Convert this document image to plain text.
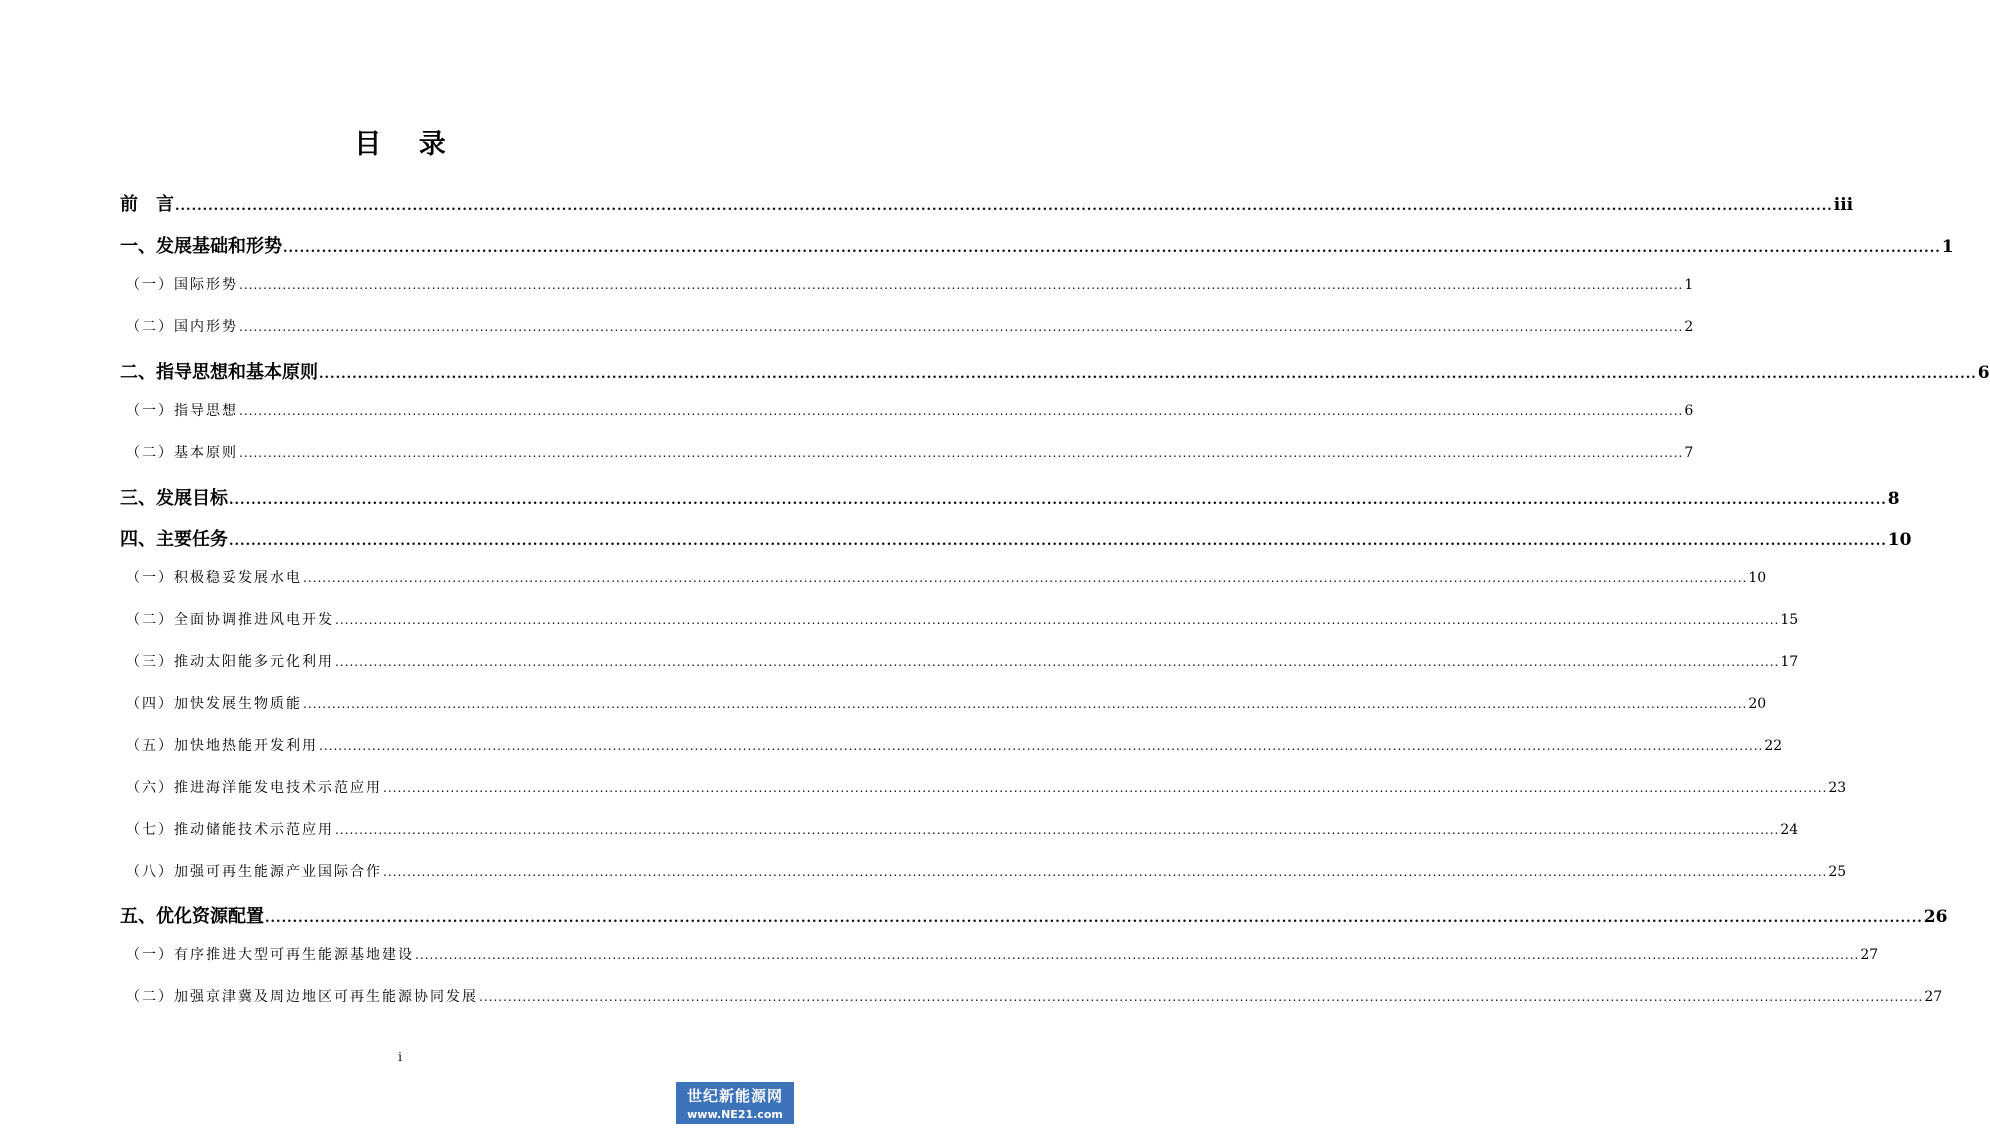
目 录
前　言 ............................................................................................................................................................................................................................................................................................................ iii
一、发展基础和形势 ............................................................................................................................................................................................................................................................................................................ 1
（一）国际形势 ............................................................................................................................................................................................................................................................................................................ 1
（二）国内形势 ............................................................................................................................................................................................................................................................................................................ 2
二、指导思想和基本原则 ............................................................................................................................................................................................................................................................................................................ 6
（一）指导思想 ............................................................................................................................................................................................................................................................................................................ 6
（二）基本原则 ............................................................................................................................................................................................................................................................................................................ 7
三、发展目标 ............................................................................................................................................................................................................................................................................................................ 8
四、主要任务 ............................................................................................................................................................................................................................................................................................................ 10
（一）积极稳妥发展水电 ............................................................................................................................................................................................................................................................................................................ 10
（二）全面协调推进风电开发 ............................................................................................................................................................................................................................................................................................................ 15
（三）推动太阳能多元化利用 ............................................................................................................................................................................................................................................................................................................ 17
（四）加快发展生物质能 ............................................................................................................................................................................................................................................................................................................ 20
（五）加快地热能开发利用 ............................................................................................................................................................................................................................................................................................................ 22
（六）推进海洋能发电技术示范应用 ............................................................................................................................................................................................................................................................................................................ 23
（七）推动储能技术示范应用 ............................................................................................................................................................................................................................................................................................................ 24
（八）加强可再生能源产业国际合作 ............................................................................................................................................................................................................................................................................................................ 25
五、优化资源配置 ............................................................................................................................................................................................................................................................................................................ 26
（一）有序推进大型可再生能源基地建设 ............................................................................................................................................................................................................................................................................................................ 27
（二）加强京津冀及周边地区可再生能源协同发展 ............................................................................................................................................................................................................................................................................................................ 27
i
世纪新能源网
www.NE21.com
